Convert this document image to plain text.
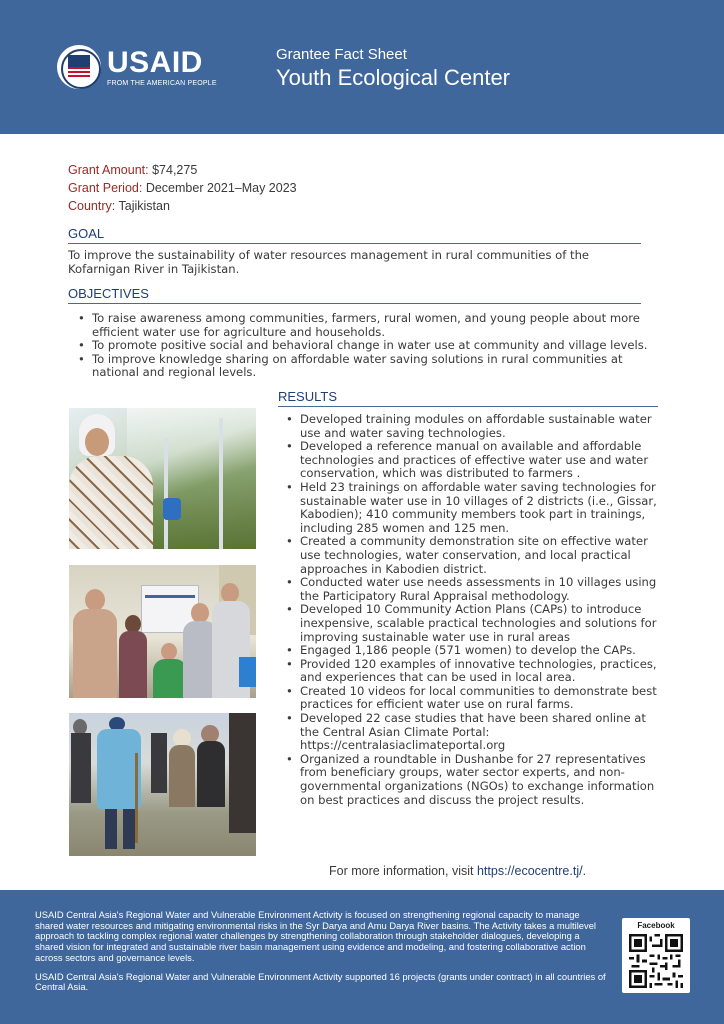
USAID
FROM THE AMERICAN PEOPLE
Grantee Fact Sheet
Youth Ecological Center
Grant Amount: $74,275
Grant Period: December 2021–May 2023
Country: Tajikistan
GOAL
To improve the sustainability of water resources management in rural communities of the Kofarnigan River in Tajikistan.
OBJECTIVES
• To raise awareness among communities, farmers, rural women, and young people about more efficient water use for agriculture and households.
• To promote positive social and behavioral change in water use at community and village levels.
• To improve knowledge sharing on affordable water saving solutions in rural communities at national and regional levels.
RESULTS
• Developed training modules on affordable sustainable water use and water saving technologies.
• Developed a reference manual on available and affordable technologies and practices of effective water use and water conservation, which was distributed to farmers .
• Held 23 trainings on affordable water saving technologies for sustainable water use in 10 villages of 2 districts (i.e., Gissar, Kabodien); 410 community members took part in trainings, including 285 women and 125 men.
• Created a community demonstration site on effective water use technologies, water conservation, and local practical approaches in Kabodien district.
• Conducted water use needs assessments in 10 villages using the Participatory Rural Appraisal methodology.
• Developed 10 Community Action Plans (CAPs) to introduce inexpensive, scalable practical technologies and solutions for improving sustainable water use in rural areas
• Engaged 1,186 people (571 women) to develop the CAPs.
• Provided 120 examples of innovative technologies, practices, and experiences that can be used in local area.
• Created 10 videos for local communities to demonstrate best practices for efficient water use on rural farms.
• Developed 22 case studies that have been shared online at the Central Asian Climate Portal: https://centralasiaclimateportal.org
• Organized a roundtable in Dushanbe for 27 representatives from beneficiary groups, water sector experts, and non-governmental organizations (NGOs) to exchange information on best practices and discuss the project results.
For more information, visit https://ecocentre.tj/.

USAID Central Asia's Regional Water and Vulnerable Environment Activity is focused on strengthening regional capacity to manage shared water resources and mitigating environmental risks in the Syr Darya and Amu Darya River basins. The Activity takes a multilevel approach to tackling complex regional water challenges by strengthening collaboration through stakeholder dialogues, developing a shared vision for integrated and sustainable river basin management using evidence and modeling, and fostering collaborative action across sectors and governance levels.

USAID Central Asia's Regional Water and Vulnerable Environment Activity supported 16 projects (grants under contract) in all countries of Central Asia.

Facebook
